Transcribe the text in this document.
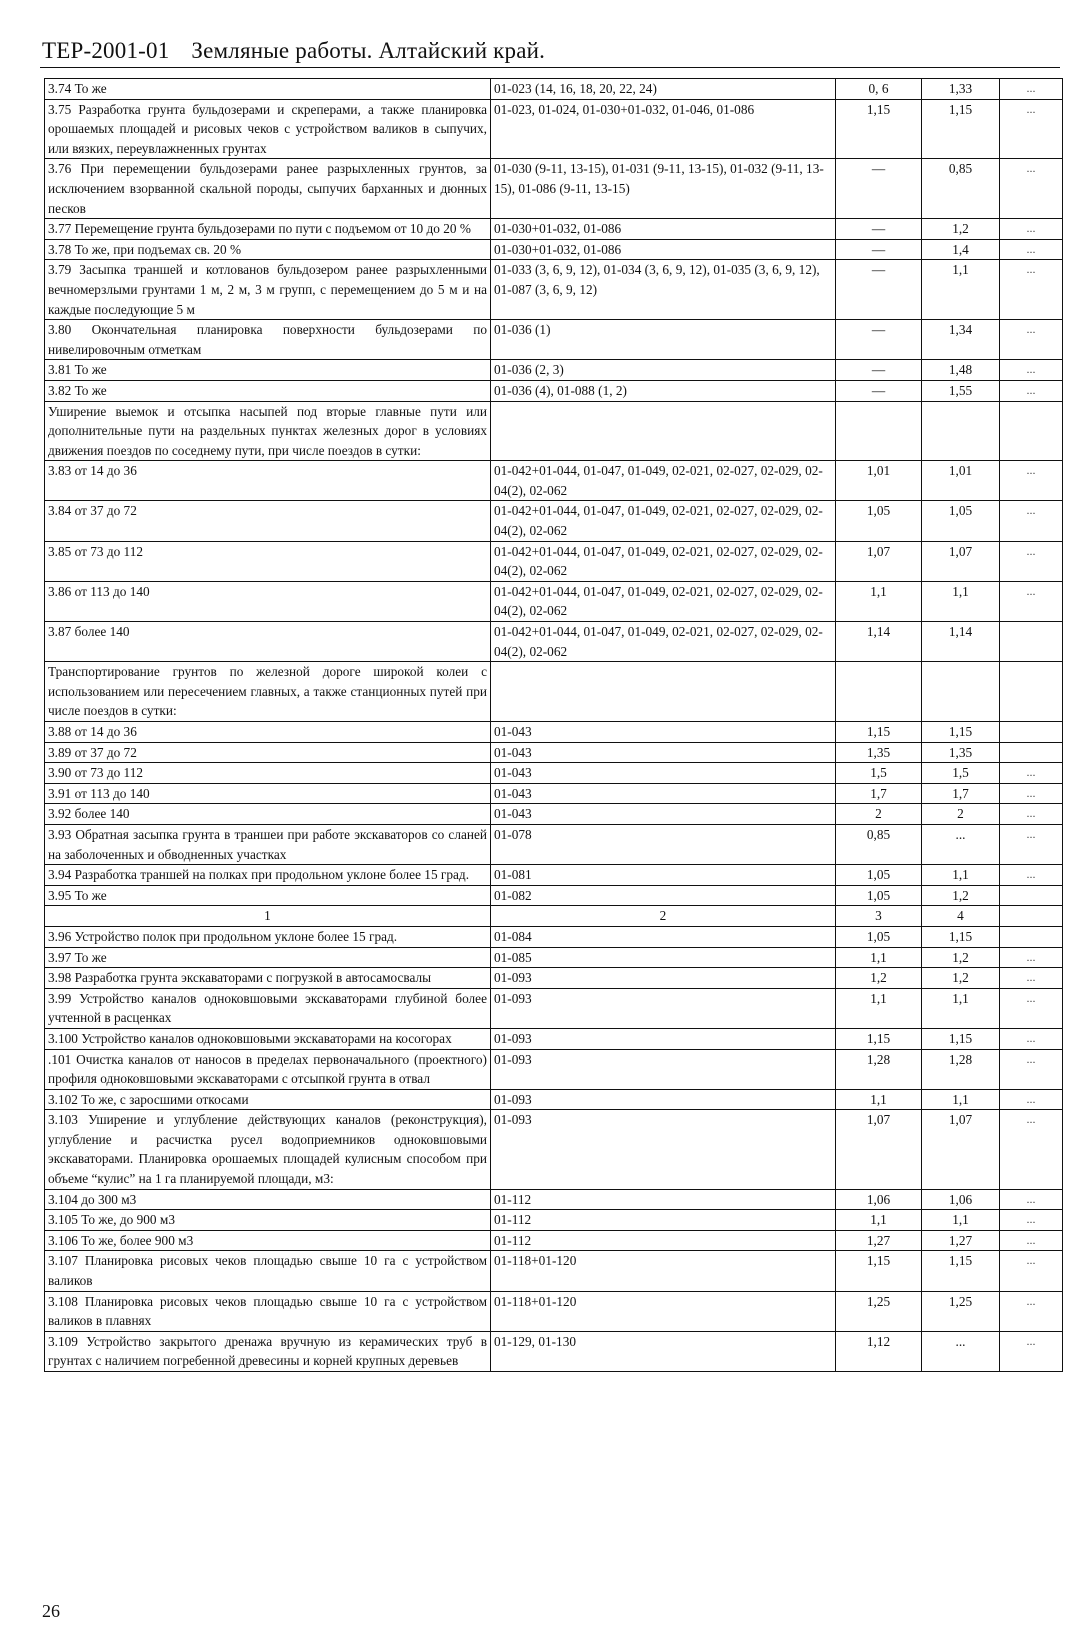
ТЕР-2001-01 Земляные работы. Алтайский край.
3.74 То же	01-023 (14, 16, 18, 20, 22, 24)	0, 6	1,33	...
3.75 Разработка грунта бульдозерами и скреперами, а также планировка орошаемых площадей и рисовых чеков с устройством валиков в сыпучих, или вязких, переувлажненных грунтах	01-023, 01-024, 01-030+01-032, 01-046, 01-086	1,15	1,15	...
3.76 При перемещении бульдозерами ранее разрыхленных грунтов, за исключением взорванной скальной породы, сыпучих барханных и дюнных песков	01-030 (9-11, 13-15), 01-031 (9-11, 13-15), 01-032 (9-11, 13-15), 01-086 (9-11, 13-15)	—	0,85	...
3.77 Перемещение грунта бульдозерами по пути с подъемом от 10 до 20 %	01-030+01-032, 01-086	—	1,2	...
3.78 То же, при подъемах св. 20 %	01-030+01-032, 01-086	—	1,4	...
3.79 Засыпка траншей и котлованов бульдозером ранее разрыхленными вечномерзлыми грунтами 1 м, 2 м, 3 м групп, с перемещением до 5 м и на каждые последующие 5 м	01-033 (3, 6, 9, 12), 01-034 (3, 6, 9, 12), 01-035 (3, 6, 9, 12), 01-087 (3, 6, 9, 12)	—	1,1	...
3.80 Окончательная планировка поверхности бульдозерами по нивелировочным отметкам	01-036 (1)	—	1,34	...
3.81 То же	01-036 (2, 3)	—	1,48	...
3.82 То же	01-036 (4), 01-088 (1, 2)	—	1,55	...
Уширение выемок и отсыпка насыпей под вторые главные пути или дополнительные пути на раздельных пунктах железных дорог в условиях движения поездов по соседнему пути, при числе поездов в сутки:				
3.83 от 14 до 36	01-042+01-044, 01-047, 01-049, 02-021, 02-027, 02-029, 02-04(2), 02-062	1,01	1,01	...
3.84 от 37 до 72	01-042+01-044, 01-047, 01-049, 02-021, 02-027, 02-029, 02-04(2), 02-062	1,05	1,05	...
3.85 от 73 до 112	01-042+01-044, 01-047, 01-049, 02-021, 02-027, 02-029, 02-04(2), 02-062	1,07	1,07	...
3.86 от 113 до 140	01-042+01-044, 01-047, 01-049, 02-021, 02-027, 02-029, 02-04(2), 02-062	1,1	1,1	...
3.87 более 140	01-042+01-044, 01-047, 01-049, 02-021, 02-027, 02-029, 02-04(2), 02-062	1,14	1,14	
Транспортирование грунтов по железной дороге широкой колеи с использованием или пересечением главных, а также станционных путей при числе поездов в сутки:				
3.88 от 14 до 36	01-043	1,15	1,15	
3.89 от 37 до 72	01-043	1,35	1,35	
3.90 от 73 до 112	01-043	1,5	1,5	...
3.91 от 113 до 140	01-043	1,7	1,7	...
3.92 более 140	01-043	2	2	...
3.93 Обратная засыпка грунта в траншеи при работе экскаваторов со сланей на заболоченных и обводненных участках	01-078	0,85	...	...
3.94 Разработка траншей на полках при продольном уклоне более 15 град.	01-081	1,05	1,1	...
3.95 То же	01-082	1,05	1,2	
1	2	3	4	
3.96 Устройство полок при продольном уклоне более 15 град.	01-084	1,05	1,15	
3.97 То же	01-085	1,1	1,2	...
3.98 Разработка грунта экскаваторами с погрузкой в автосамосвалы	01-093	1,2	1,2	...
3.99 Устройство каналов одноковшовыми экскаваторами глубиной более учтенной в расценках	01-093	1,1	1,1	...
3.100 Устройство каналов одноковшовыми экскаваторами на косогорах	01-093	1,15	1,15	...
.101 Очистка каналов от наносов в пределах первоначального (проектного) профиля одноковшовыми экскаваторами с отсыпкой грунта в отвал	01-093	1,28	1,28	...
3.102 То же, с заросшими откосами	01-093	1,1	1,1	...
3.103 Уширение и углубление действующих каналов (реконструкция), углубление и расчистка русел водоприемников одноковшовыми экскаваторами. Планировка орошаемых площадей кулисным способом при объеме “кулис” на 1 га планируемой площади, м3:	01-093	1,07	1,07	...
3.104 до 300 м3	01-112	1,06	1,06	...
3.105 То же, до 900 м3	01-112	1,1	1,1	...
3.106 То же, более 900 м3	01-112	1,27	1,27	...
3.107 Планировка рисовых чеков площадью свыше 10 га с устройством валиков	01-118+01-120	1,15	1,15	...
3.108 Планировка рисовых чеков площадью свыше 10 га с устройством валиков в плавнях	01-118+01-120	1,25	1,25	...
3.109 Устройство закрытого дренажа вручную из керамических труб в грунтах с наличием погребенной древесины и корней крупных деревьев	01-129, 01-130	1,12	...	...
26
